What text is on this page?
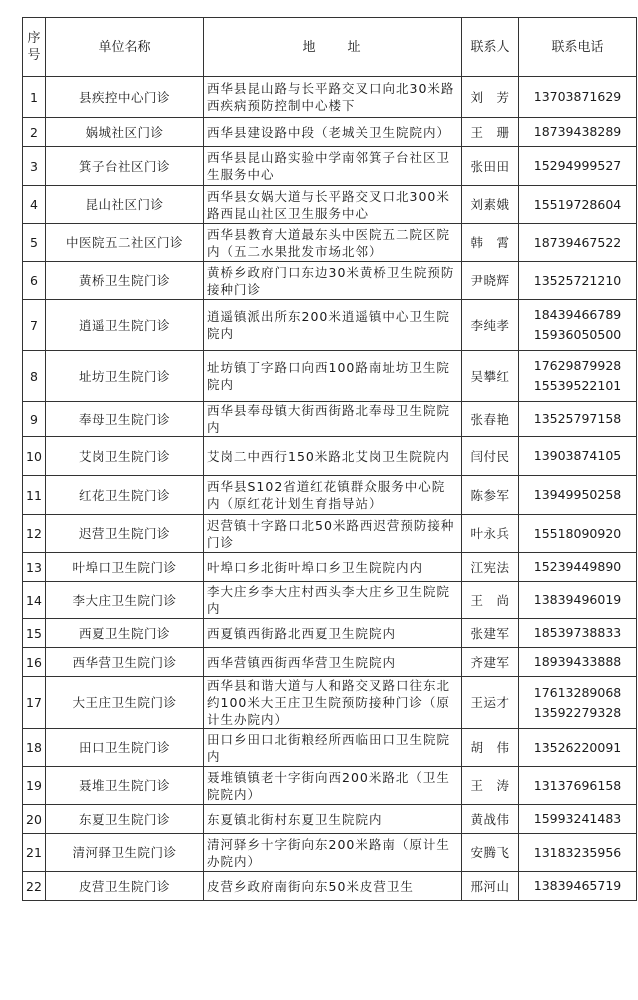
序号	单位名称	地　　址	联系人	联系电话
1	县疾控中心门诊	西华县昆山路与长平路交叉口向北30米路西疾病预防控制中心楼下	刘　芳	13703871629

2	娲城社区门诊	西华县建设路中段（老城关卫生院院内）	王　珊	18739438289

3	箕子台社区门诊	西华县昆山路实验中学南邻箕子台社区卫生服务中心	张田田	15294999527

4	昆山社区门诊	西华县女娲大道与长平路交叉口北300米路西昆山社区卫生服务中心	刘素娥	15519728604

5	中医院五二社区门诊	西华县教育大道最东头中医院五二院区院内（五二水果批发市场北邻）	韩　霄	18739467522

6	黄桥卫生院门诊	黄桥乡政府门口东边30米黄桥卫生院预防接种门诊	尹晓辉	13525721210

7	逍遥卫生院门诊	逍遥镇派出所东200米逍遥镇中心卫生院院内	李纯孝	18439466789
15936050500

8	址坊卫生院门诊	址坊镇丁字路口向西100路南址坊卫生院院内	吴攀红	17629879928
15539522101

9	奉母卫生院门诊	西华县奉母镇大街西街路北奉母卫生院院内	张春艳	13525797158

10	艾岗卫生院门诊	艾岗二中西行150米路北艾岗卫生院院内	闫付民	13903874105

11	红花卫生院门诊	西华县S102省道红花镇群众服务中心院内（原红花计划生育指导站）	陈参军	13949950258

12	迟营卫生院门诊	迟营镇十字路口北50米路西迟营预防接种门诊	叶永兵	15518090920

13	叶埠口卫生院门诊	叶埠口乡北街叶埠口乡卫生院院内内	江宪法	15239449890

14	李大庄卫生院门诊	李大庄乡李大庄村西头李大庄乡卫生院院内	王　尚	13839496019

15	西夏卫生院门诊	西夏镇西街路北西夏卫生院院内	张建军	18539738833

16	西华营卫生院门诊	西华营镇西街西华营卫生院院内	齐建军	18939433888

17	大王庄卫生院门诊	西华县和谐大道与人和路交叉路口往东北约100米大王庄卫生院预防接种门诊（原计生办院内）	王运才	17613289068
13592279328

18	田口卫生院门诊	田口乡田口北街粮经所西临田口卫生院院内	胡　伟	13526220091

19	聂堆卫生院门诊	聂堆镇镇老十字街向西200米路北（卫生院院内）	王　涛	13137696158

20	东夏卫生院门诊	东夏镇北街村东夏卫生院院内	黄战伟	15993241483

21	清河驿卫生院门诊	清河驿乡十字街向东200米路南（原计生办院内）	安腾飞	13183235956

22	皮营卫生院门诊	皮营乡政府南街向东50米皮营卫生	邢河山	13839465719
